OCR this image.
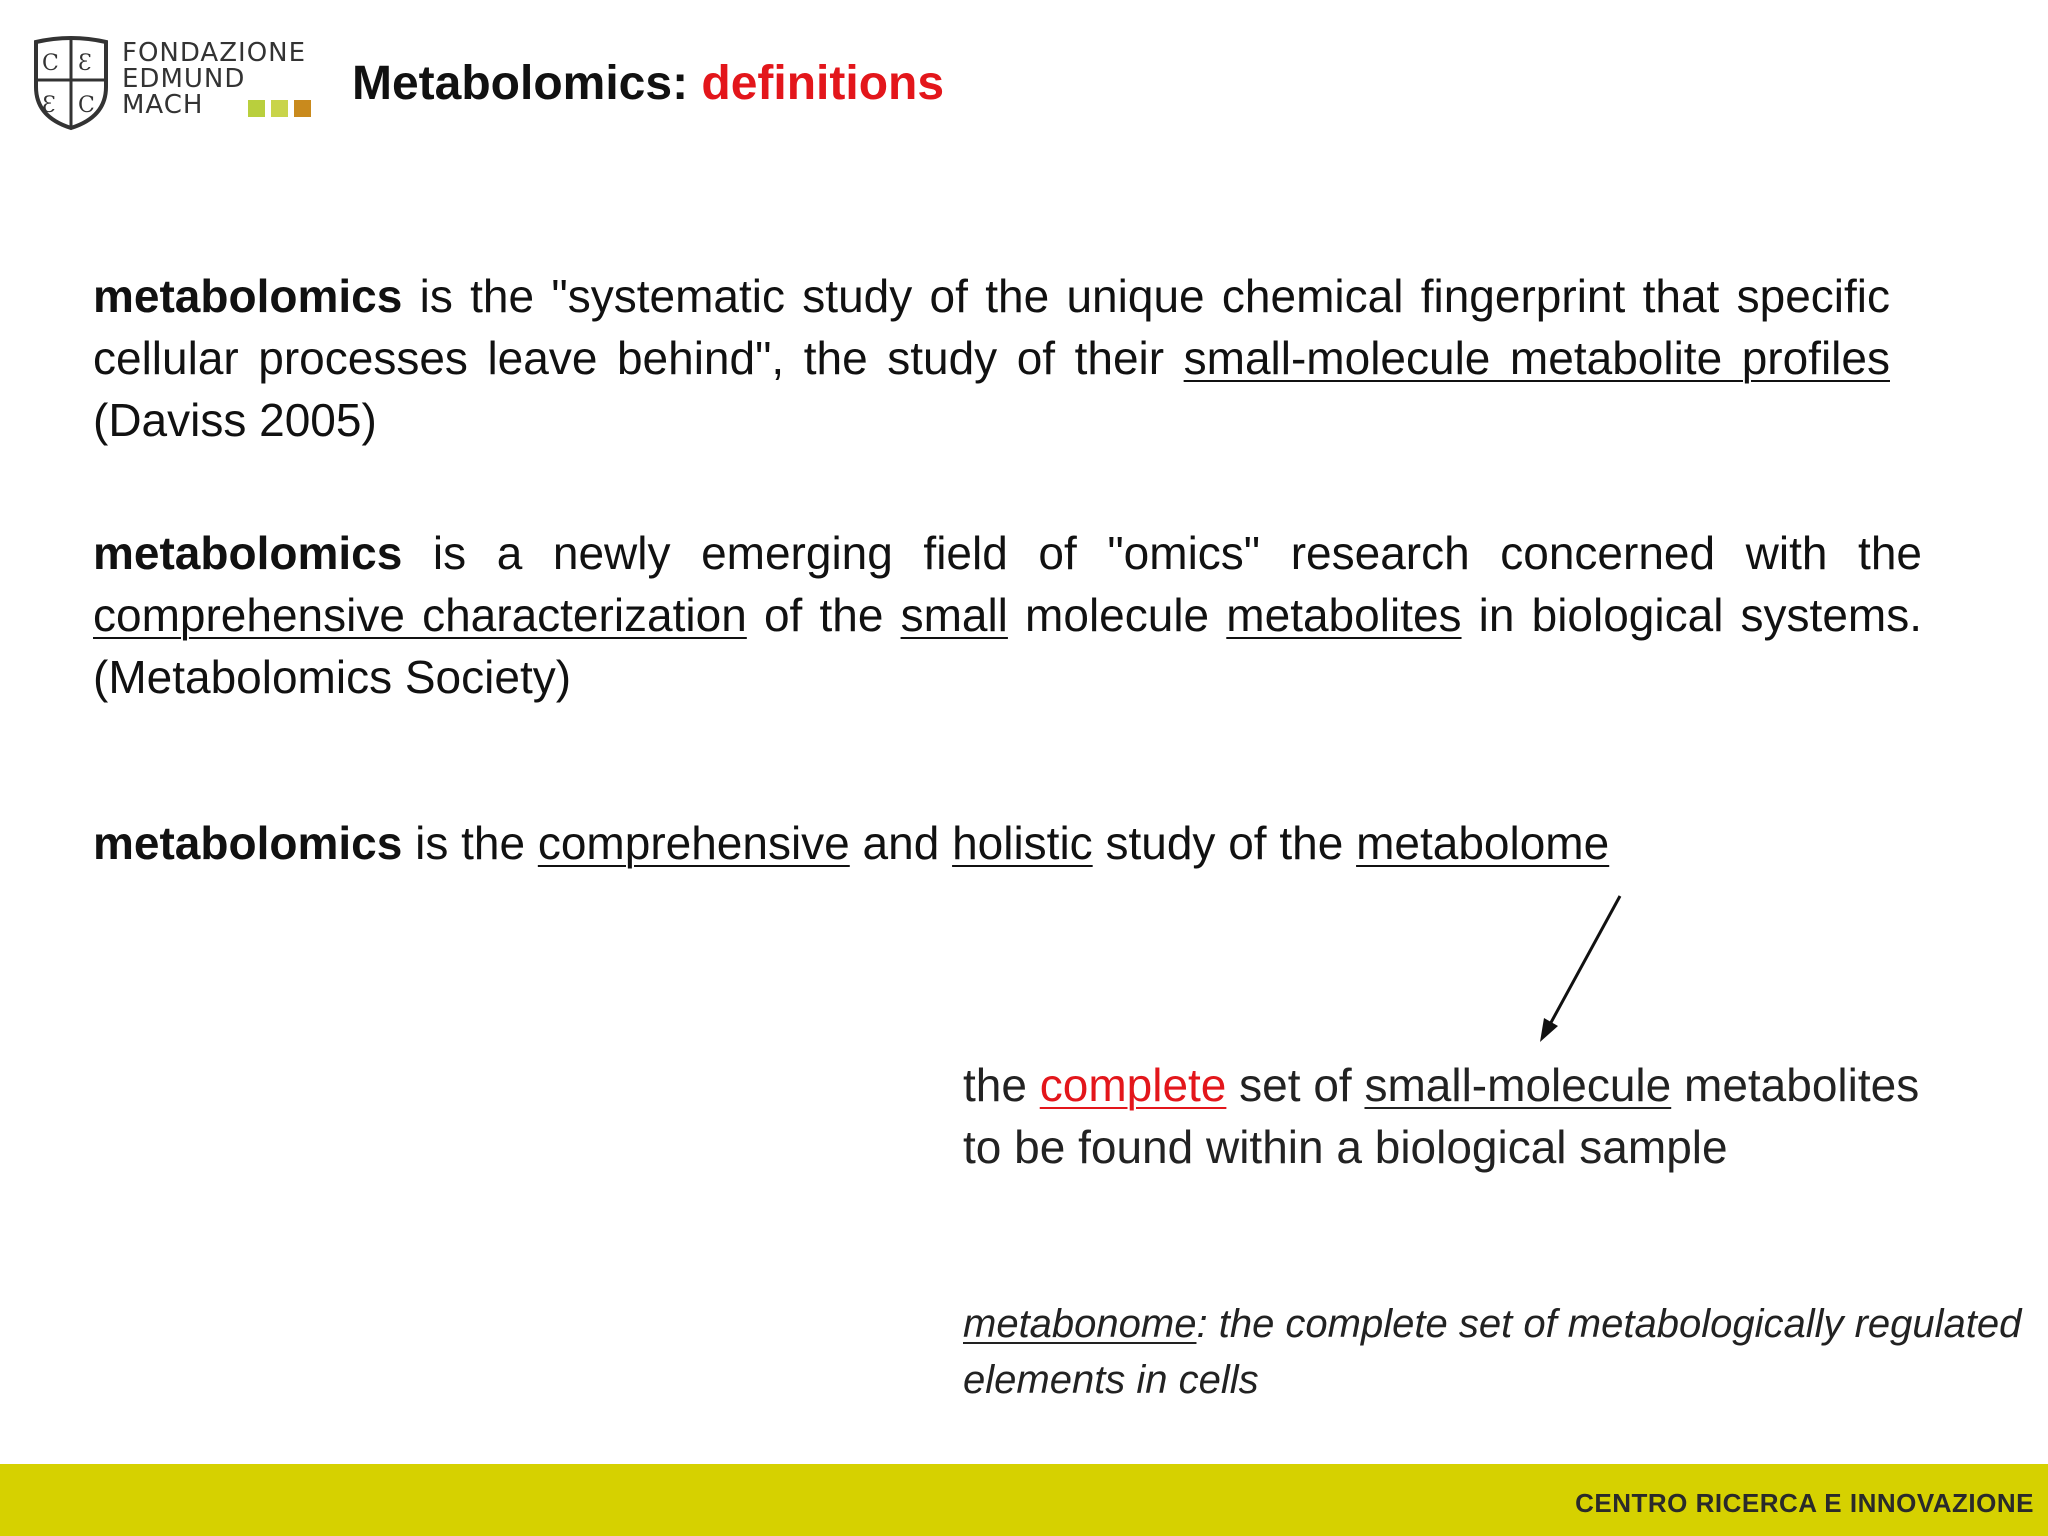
C Ɛ
Ɛ C
FONDAZIONE
EDMUND
MACH	Metabolomics: definitions
metabolomics is the "systematic study of the unique chemical fingerprint that specific cellular processes leave behind", the study of their small-molecule metabolite profiles (Daviss 2005)
metabolomics is a newly emerging field of "omics" research concerned with the comprehensive characterization of the small molecule metabolites in biological systems. (Metabolomics Society)
metabolomics is the comprehensive and holistic study of the metabolome
the complete set of small-molecule metabolites to be found within a biological sample
metabonome: the complete set of metabologically regulated elements in cells
CENTRO RICERCA E INNOVAZIONE
